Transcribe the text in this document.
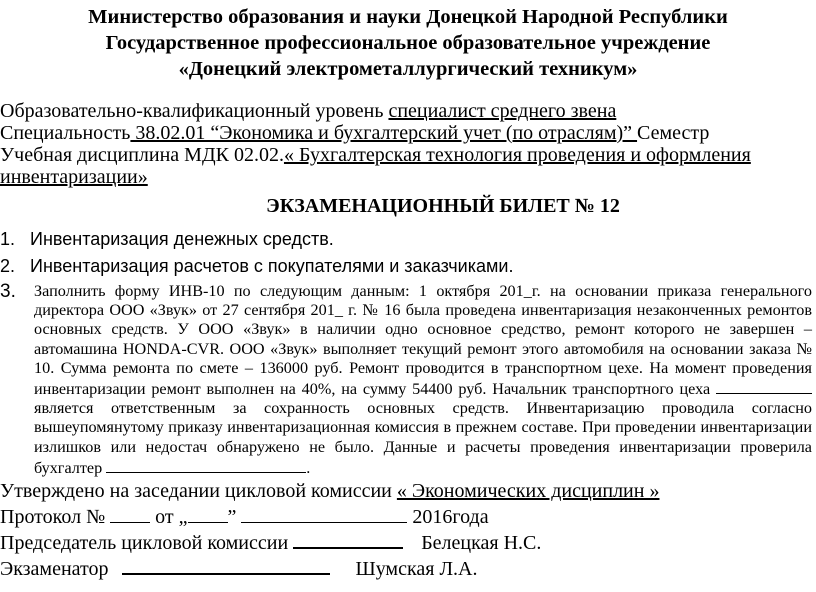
Министерство образования и науки Донецкой Народной Республики
Государственное профессиональное образовательное учреждение
«Донецкий электрометаллургический техникум»
Образовательно-квалификационный уровень специалист среднего звена
Специальность 38.02.01 “Экономика и бухгалтерский учет (по отраслям)” Семестр
Учебная дисциплина МДК 02.02.« Бухгалтерская технология проведения и оформления
инвентаризации»
ЭКЗАМЕНАЦИОННЫЙ БИЛЕТ № 12
1. Инвентаризация денежных средств.
2. Инвентаризация расчетов с покупателями и заказчиками.
3.	Заполнить форму ИНВ-10 по следующим данным: 1 октября 201_г. на основании приказа генерального директора ООО «Звук» от 27 сентября 201_ г. № 16 была проведена инвентаризация незаконченных ремонтов основных средств. У ООО «Звук» в наличии одно основное средство, ремонт которого не завершен – автомашина HONDA-CVR. ООО «Звук» выполняет текущий ремонт этого автомобиля на основании заказа № 10. Сумма ремонта по смете – 136000 руб. Ремонт проводится в транспортном цехе. На момент проведения инвентаризации ремонт выполнен на 40%, на сумму 54400 руб. Начальник транспортного цеха  является ответственным за сохранность основных средств. Инвентаризацию проводила согласно вышеупомянутому приказу инвентаризационная комиссия в прежнем составе. При проведении инвентаризации излишков или недостач обнаружено не было. Данные и расчеты проведения инвентаризации проверила бухгалтер	.
Утверждено на заседании цикловой комиссии « Экономических дисциплин »
Протокол №  от „ ”	2016года
Председатель цикловой комиссии	Белецкая Н.С.
Экзаменатор	Шумская Л.А.
